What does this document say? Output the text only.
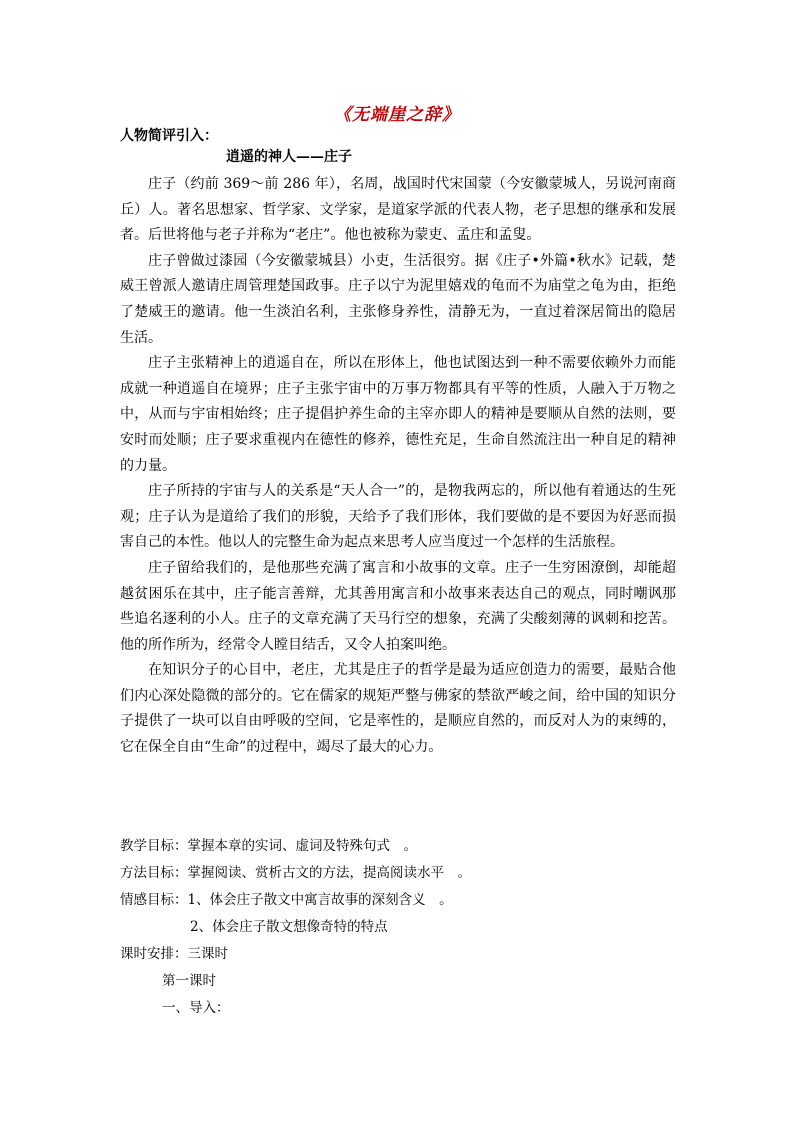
《无端崖之辞》
人物简评引入：
逍遥的神人——庄子

庄子（约前 369～前 286 年），名周，战国时代宋国蒙（今安徽蒙城人，另说河南商丘）人。著名思想家、哲学家、文学家，是道家学派的代表人物，老子思想的继承和发展者。后世将他与老子并称为“老庄”。他也被称为蒙吏、孟庄和孟叟。

庄子曾做过漆园（今安徽蒙城县）小吏，生活很穷。据《庄子•外篇•秋水》记载，楚威王曾派人邀请庄周管理楚国政事。庄子以宁为泥里嬉戏的龟而不为庙堂之龟为由，拒绝了楚威王的邀请。他一生淡泊名利，主张修身养性，清静无为，一直过着深居简出的隐居生活。

庄子主张精神上的逍遥自在，所以在形体上，他也试图达到一种不需要依赖外力而能成就一种逍遥自在境界；庄子主张宇宙中的万事万物都具有平等的性质，人融入于万物之中，从而与宇宙相始终；庄子提倡护养生命的主宰亦即人的精神是要顺从自然的法则，要安时而处顺；庄子要求重视内在德性的修养，德性充足，生命自然流注出一种自足的精神的力量。

庄子所持的宇宙与人的关系是“天人合一”的，是物我两忘的，所以他有着通达的生死观；庄子认为是道给了我们的形貌，天给予了我们形体，我们要做的是不要因为好恶而损害自己的本性。他以人的完整生命为起点来思考人应当度过一个怎样的生活旅程。

庄子留给我们的，是他那些充满了寓言和小故事的文章。庄子一生穷困潦倒，却能超越贫困乐在其中，庄子能言善辩，尤其善用寓言和小故事来表达自己的观点，同时嘲讽那些追名逐利的小人。庄子的文章充满了天马行空的想象，充满了尖酸刻薄的讽刺和挖苦。他的所作所为，经常令人瞠目结舌，又令人拍案叫绝。

在知识分子的心目中，老庄，尤其是庄子的哲学是最为适应创造力的需要，最贴合他们内心深处隐微的部分的。它在儒家的规矩严整与佛家的禁欲严峻之间，给中国的知识分子提供了一块可以自由呼吸的空间，它是率性的，是顺应自然的，而反对人为的束缚的，它在保全自由“生命”的过程中，竭尽了最大的心力。

教学目标：掌握本章的实词、虚词及特殊句式　。
方法目标：掌握阅读、赏析古文的方法，提高阅读水平　。
情感目标：1、体会庄子散文中寓言故事的深刻含义　。
2、体会庄子散文想像奇特的特点
课时安排：三课时
第一课时
一、导入：
